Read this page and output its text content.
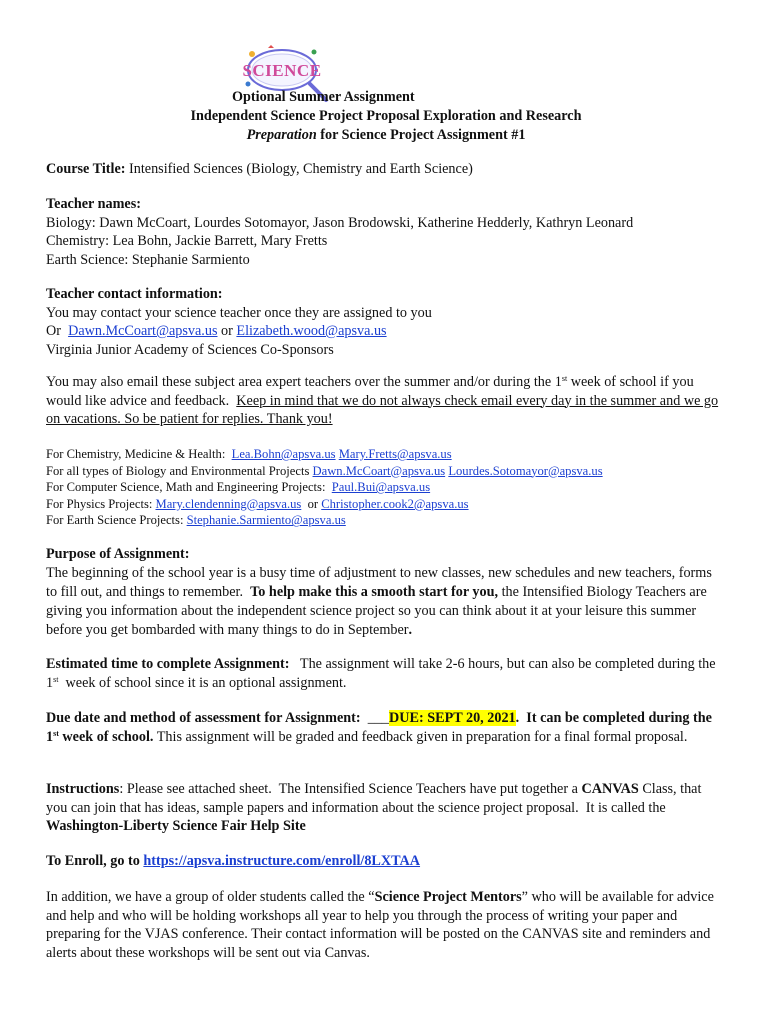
SCIENCE
Optional Summer Assignment
Independent Science Project Proposal Exploration and Research
Preparation for Science Project Assignment #1
Course Title: Intensified Sciences (Biology, Chemistry and Earth Science)
Teacher names:
Biology: Dawn McCoart, Lourdes Sotomayor, Jason Brodowski, Katherine Hedderly, Kathryn Leonard
Chemistry: Lea Bohn, Jackie Barrett, Mary Fretts
Earth Science: Stephanie Sarmiento
Teacher contact information:
You may contact your science teacher once they are assigned to you
Or  Dawn.McCoart@apsva.us or Elizabeth.wood@apsva.us
Virginia Junior Academy of Sciences Co-Sponsors
You may also email these subject area expert teachers over the summer and/or during the 1st week of school if you would like advice and feedback.  Keep in mind that we do not always check email every day in the summer and we go on vacations. So be patient for replies. Thank you!
For Chemistry, Medicine & Health:  Lea.Bohn@apsva.us Mary.Fretts@apsva.us
For all types of Biology and Environmental Projects Dawn.McCoart@apsva.us Lourdes.Sotomayor@apsva.us
For Computer Science, Math and Engineering Projects:  Paul.Bui@apsva.us
For Physics Projects: Mary.clendenning@apsva.us  or Christopher.cook2@apsva.us
For Earth Science Projects: Stephanie.Sarmiento@apsva.us
Purpose of Assignment:
The beginning of the school year is a busy time of adjustment to new classes, new schedules and new teachers, forms to fill out, and things to remember.  To help make this a smooth start for you, the Intensified Biology Teachers are giving you information about the independent science project so you can think about it at your leisure this summer before you get bombarded with many things to do in September.
Estimated time to complete Assignment:   The assignment will take 2-6 hours, but can also be completed during the 1st  week of school since it is an optional assignment.
Due date and method of assessment for Assignment:  ___DUE: SEPT 20, 2021.  It can be completed during the 1st week of school. This assignment will be graded and feedback given in preparation for a final formal proposal.
Instructions: Please see attached sheet.  The Intensified Science Teachers have put together a CANVAS Class, that you can join that has ideas, sample papers and information about the science project proposal.  It is called the Washington-Liberty Science Fair Help Site
To Enroll, go to https://apsva.instructure.com/enroll/8LXTAA
In addition, we have a group of older students called the “Science Project Mentors” who will be available for advice and help and who will be holding workshops all year to help you through the process of writing your paper and preparing for the VJAS conference. Their contact information will be posted on the CANVAS site and reminders and alerts about these workshops will be sent out via Canvas.
